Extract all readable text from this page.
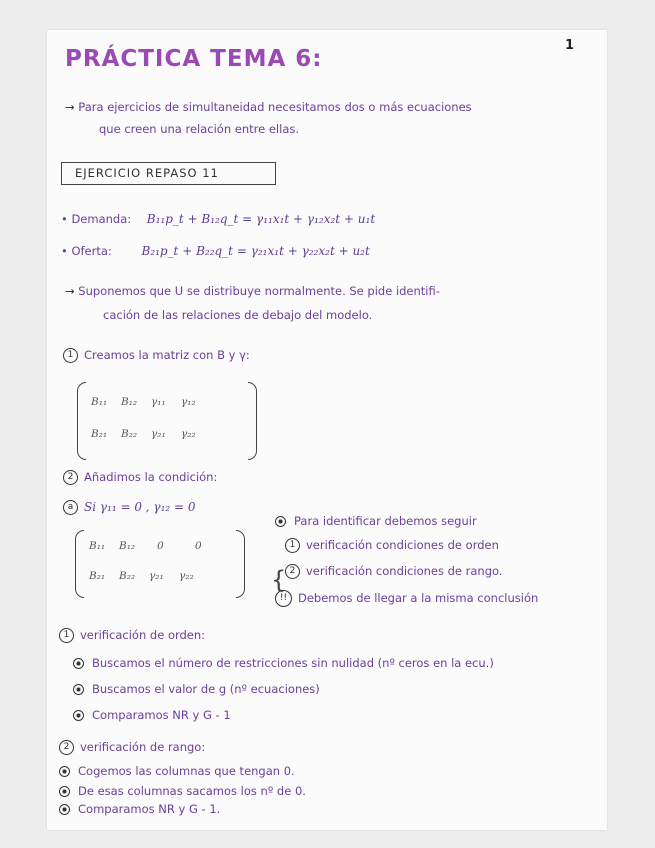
PRÁCTICA TEMA 6:
1
→ Para ejercicios de simultaneidad necesitamos dos o más ecuaciones
que creen una relación entre ellas.
EJERCICIO REPASO 11
• Demanda: B₁₁p_t + B₁₂q_t = γ₁₁x₁t + γ₁₂x₂t + u₁t
• Oferta: B₂₁p_t + B₂₂q_t = γ₂₁x₁t + γ₂₂x₂t + u₂t
→ Suponemos que U se distribuye normalmente. Se pide identifi-
cación de las relaciones de debajo del modelo.
1 Creamos la matriz con B y γ:
B₁₁	B₁₂	γ₁₁	γ₁₂
B₂₁	B₂₂	γ₂₁	γ₂₂
2 Añadimos la condición:
a Si γ₁₁ = 0 , γ₁₂ = 0
B₁₁	B₁₂	0	0
B₂₁	B₂₂	γ₂₁	γ₂₂
Para identificar debemos seguir
1 verificación condiciones de orden
{ 2 verificación condiciones de rango.
!! Debemos de llegar a la misma conclusión
1 verificación de orden:
Buscamos el número de restricciones sin nulidad (nº ceros en la ecu.)
Buscamos el valor de g (nº ecuaciones)
Comparamos NR y G - 1
2 verificación de rango:
Cogemos las columnas que tengan 0.
De esas columnas sacamos los nº de 0.
Comparamos NR y G - 1.
